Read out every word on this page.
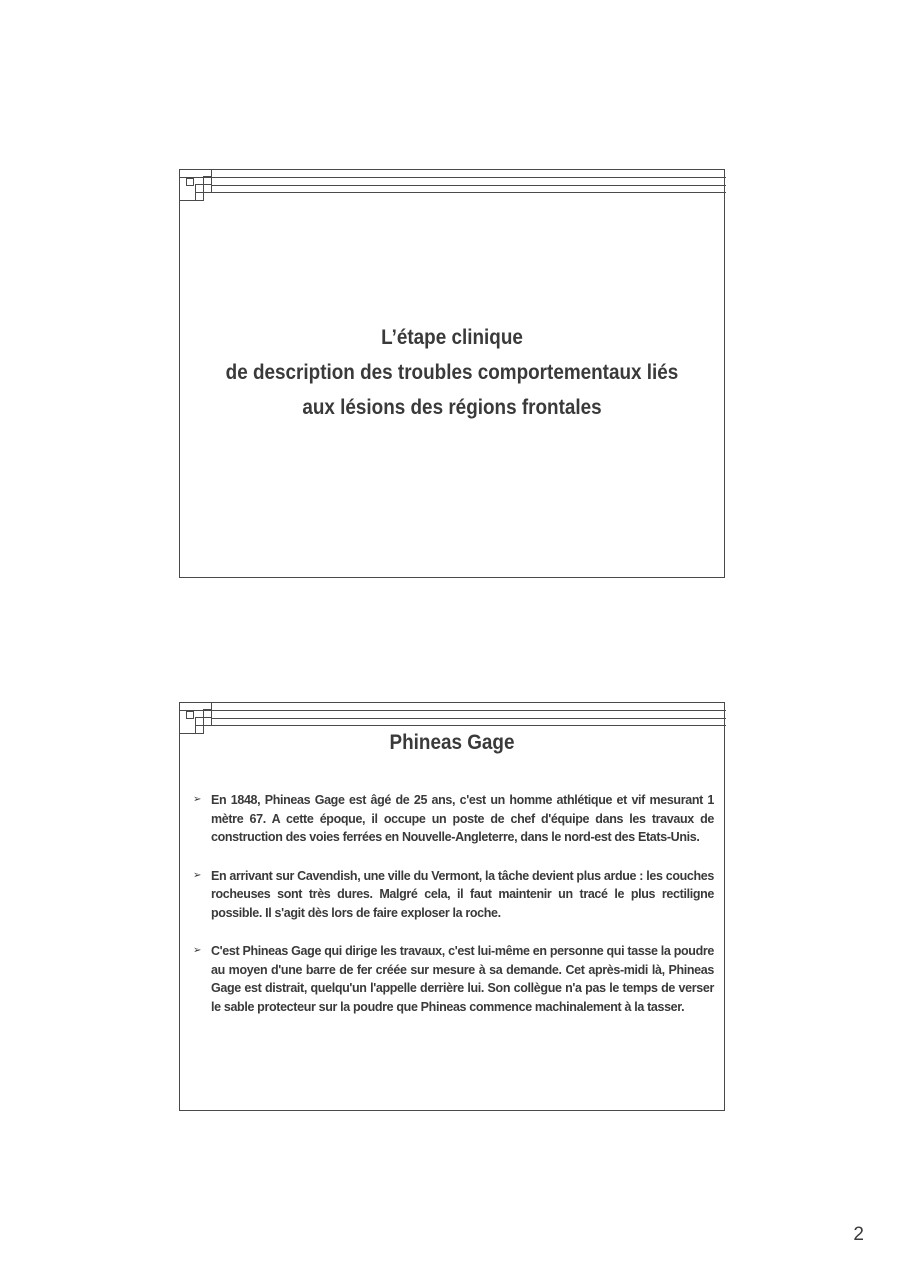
L’étape clinique
de description des troubles comportementaux liés
aux lésions des régions frontales
Phineas Gage
➢ En 1848, Phineas Gage est âgé de 25 ans, c'est un homme athlétique et vif mesurant 1 mètre 67. A cette époque, il occupe un poste de chef d'équipe dans les travaux de construction des voies ferrées en Nouvelle-Angleterre, dans le nord-est des Etats-Unis.
➢ En arrivant sur Cavendish, une ville du Vermont, la tâche devient plus ardue : les couches rocheuses sont très dures. Malgré cela, il faut maintenir un tracé le plus rectiligne possible. Il s'agit dès lors de faire exploser la roche.
➢ C'est Phineas Gage qui dirige les travaux, c'est lui-même en personne qui tasse la poudre au moyen d'une barre de fer créée sur mesure à sa demande. Cet après-midi là, Phineas Gage est distrait, quelqu'un l'appelle derrière lui. Son collègue n'a pas le temps de verser le sable protecteur sur la poudre que Phineas commence machinalement à la tasser.
2
